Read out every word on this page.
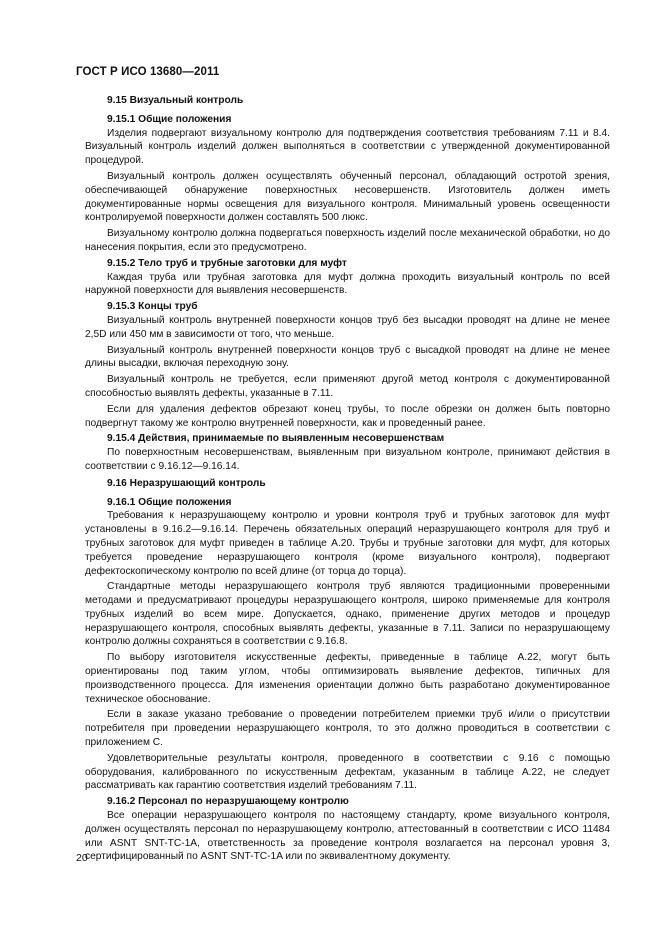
ГОСТ Р ИСО 13680—2011
9.15 Визуальный контроль
9.15.1 Общие положения
Изделия подвергают визуальному контролю для подтверждения соответствия требованиям 7.11 и 8.4. Визуальный контроль изделий должен выполняться в соответствии с утвержденной документированной процедурой.
Визуальный контроль должен осуществлять обученный персонал, обладающий остротой зрения, обеспечивающей обнаружение поверхностных несовершенств. Изготовитель должен иметь документированные нормы освещения для визуального контроля. Минимальный уровень освещенности контролируемой поверхности должен составлять 500 люкс.
Визуальному контролю должна подвергаться поверхность изделий после механической обработки, но до нанесения покрытия, если это предусмотрено.
9.15.2 Тело труб и трубные заготовки для муфт
Каждая труба или трубная заготовка для муфт должна проходить визуальный контроль по всей наружной поверхности для выявления несовершенств.
9.15.3 Концы труб
Визуальный контроль внутренней поверхности концов труб без высадки проводят на длине не менее 2,5D или 450 мм в зависимости от того, что меньше.
Визуальный контроль внутренней поверхности концов труб с высадкой проводят на длине не менее длины высадки, включая переходную зону.
Визуальный контроль не требуется, если применяют другой метод контроля с документированной способностью выявлять дефекты, указанные в 7.11.
Если для удаления дефектов обрезают конец трубы, то после обрезки он должен быть повторно подвергнут такому же контролю внутренней поверхности, как и проведенный ранее.
9.15.4 Действия, принимаемые по выявленным несовершенствам
По поверхностным несовершенствам, выявленным при визуальном контроле, принимают действия в соответствии с 9.16.12—9.16.14.
9.16 Неразрушающий контроль
9.16.1 Общие положения
Требования к неразрушающему контролю и уровни контроля труб и трубных заготовок для муфт установлены в 9.16.2—9.16.14. Перечень обязательных операций неразрушающего контроля для труб и трубных заготовок для муфт приведен в таблице А.20. Трубы и трубные заготовки для муфт, для которых требуется проведение неразрушающего контроля (кроме визуального контроля), подвергают дефектоскопическому контролю по всей длине (от торца до торца).
Стандартные методы неразрушающего контроля труб являются традиционными проверенными методами и предусматривают процедуры неразрушающего контроля, широко применяемые для контроля трубных изделий во всем мире. Допускается, однако, применение других методов и процедур неразрушающего контроля, способных выявлять дефекты, указанные в 7.11. Записи по неразрушающему контролю должны сохраняться в соответствии с 9.16.8.
По выбору изготовителя искусственные дефекты, приведенные в таблице А.22, могут быть ориентированы под таким углом, чтобы оптимизировать выявление дефектов, типичных для производственного процесса. Для изменения ориентации должно быть разработано документированное техническое обоснование.
Если в заказе указано требование о проведении потребителем приемки труб и/или о присутствии потребителя при проведении неразрушающего контроля, то это должно проводиться в соответствии с приложением С.
Удовлетворительные результаты контроля, проведенного в соответствии с 9.16 с помощью оборудования, калиброванного по искусственным дефектам, указанным в таблице А.22, не следует рассматривать как гарантию соответствия изделий требованиям 7.11.
9.16.2 Персонал по неразрушающему контролю
Все операции неразрушающего контроля по настоящему стандарту, кроме визуального контроля, должен осуществлять персонал по неразрушающему контролю, аттестованный в соответствии с ИСО 11484 или ASNT SNT-TC-1A, ответственность за проведение контроля возлагается на персонал уровня 3, сертифицированный по ASNT SNT-TC-1A или по эквивалентному документу.
20
